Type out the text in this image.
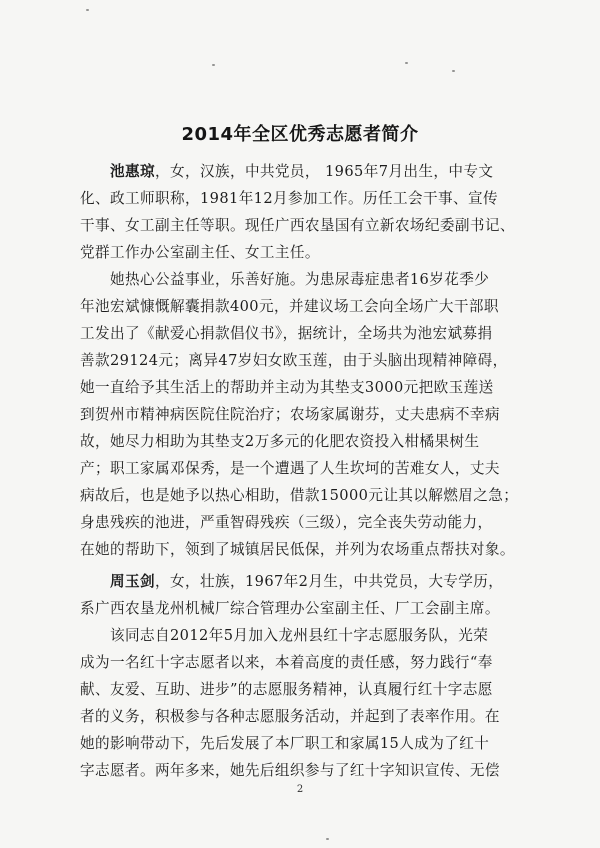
2014年全区优秀志愿者简介
池惠琼，女，汉族，中共党员， 1965年7月出生，中专文
化、政工师职称，1981年12月参加工作。历任工会干事、宣传
干事、女工副主任等职。现任广西农垦国有立新农场纪委副书记、
党群工作办公室副主任、女工主任。
她热心公益事业，乐善好施。为患尿毒症患者16岁花季少
年池宏斌慷慨解囊捐款400元，并建议场工会向全场广大干部职
工发出了《献爱心捐款倡仪书》，据统计，全场共为池宏斌募捐
善款29124元；离异47岁妇女欧玉莲，由于头脑出现精神障碍，
她一直给予其生活上的帮助并主动为其垫支3000元把欧玉莲送
到贺州市精神病医院住院治疗；农场家属谢芬，丈夫患病不幸病
故，她尽力相助为其垫支2万多元的化肥农资投入柑橘果树生
产；职工家属邓保秀，是一个遭遇了人生坎坷的苦难女人，丈夫
病故后，也是她予以热心相助，借款15000元让其以解燃眉之急；
身患残疾的池进，严重智碍残疾（三级），完全丧失劳动能力，
在她的帮助下，领到了城镇居民低保，并列为农场重点帮扶对象。
周玉剑，女，壮族，1967年2月生，中共党员，大专学历，
系广西农垦龙州机械厂综合管理办公室副主任、厂工会副主席。
该同志自2012年5月加入龙州县红十字志愿服务队，光荣
成为一名红十字志愿者以来，本着高度的责任感，努力践行“奉
献、友爱、互助、进步”的志愿服务精神，认真履行红十字志愿
者的义务，积极参与各种志愿服务活动，并起到了表率作用。在
她的影响带动下，先后发展了本厂职工和家属15人成为了红十
字志愿者。两年多来，她先后组织参与了红十字知识宣传、无偿
2
